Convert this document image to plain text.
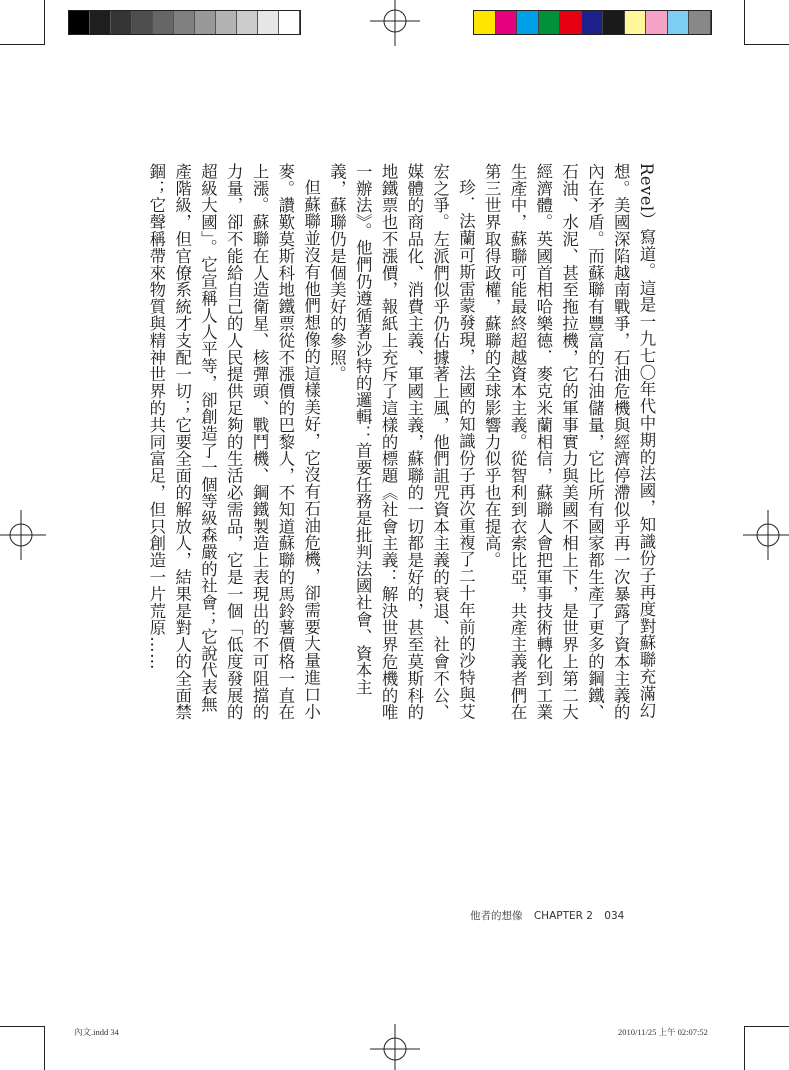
Revel）寫道。這是一九七〇年代中期的法國，知識份子再度對蘇聯充滿幻想。美國深陷越南戰爭，石油危機與經濟停滯似乎再一次暴露了資本主義的內在矛盾。而蘇聯有豐富的石油儲量，它比所有國家都生產了更多的鋼鐵、石油、水泥、甚至拖拉機，它的軍事實力與美國不相上下，是世界上第二大經濟體。英國首相哈樂德．麥克米蘭相信，蘇聯人會把軍事技術轉化到工業生產中，蘇聯可能最終超越資本主義。從智利到衣索比亞，共產主義者們在第三世界取得政權，蘇聯的全球影響力似乎也在提高。

珍．法蘭可斯雷蒙發現，法國的知識份子再次重複了二十年前的沙特與艾宏之爭。左派們似乎仍佔據著上風，他們詛咒資本主義的衰退、社會不公、媒體的商品化、消費主義、軍國主義，蘇聯的一切都是好的，甚至莫斯科的地鐵票也不漲價，報紙上充斥了這樣的標題《社會主義：解決世界危機的唯一辦法》。他們仍遵循著沙特的邏輯：首要任務是批判法國社會、資本主義，蘇聯仍是個美好的參照。

但蘇聯並沒有他們想像的這樣美好，它沒有石油危機，卻需要大量進口小麥。讚歎莫斯科地鐵票從不漲價的巴黎人，不知道蘇聯的馬鈴薯價格一直在上漲。蘇聯在人造衛星、核彈頭、戰鬥機、鋼鐵製造上表現出的不可阻擋的力量，卻不能給自己的人民提供足夠的生活必需品，它是一個「低度發展的超級大國」。它宣稱人人平等，卻創造了一個等級森嚴的社會；它說代表無產階級，但官僚系統才支配一切；它要全面的解放人，結果是對人的全面禁錮；它聲稱帶來物質與精神世界的共同富足，但只創造一片荒原……

他者的想像 CHAPTER 2 034
內文.indd 34	2010/11/25 上午 02:07:52
